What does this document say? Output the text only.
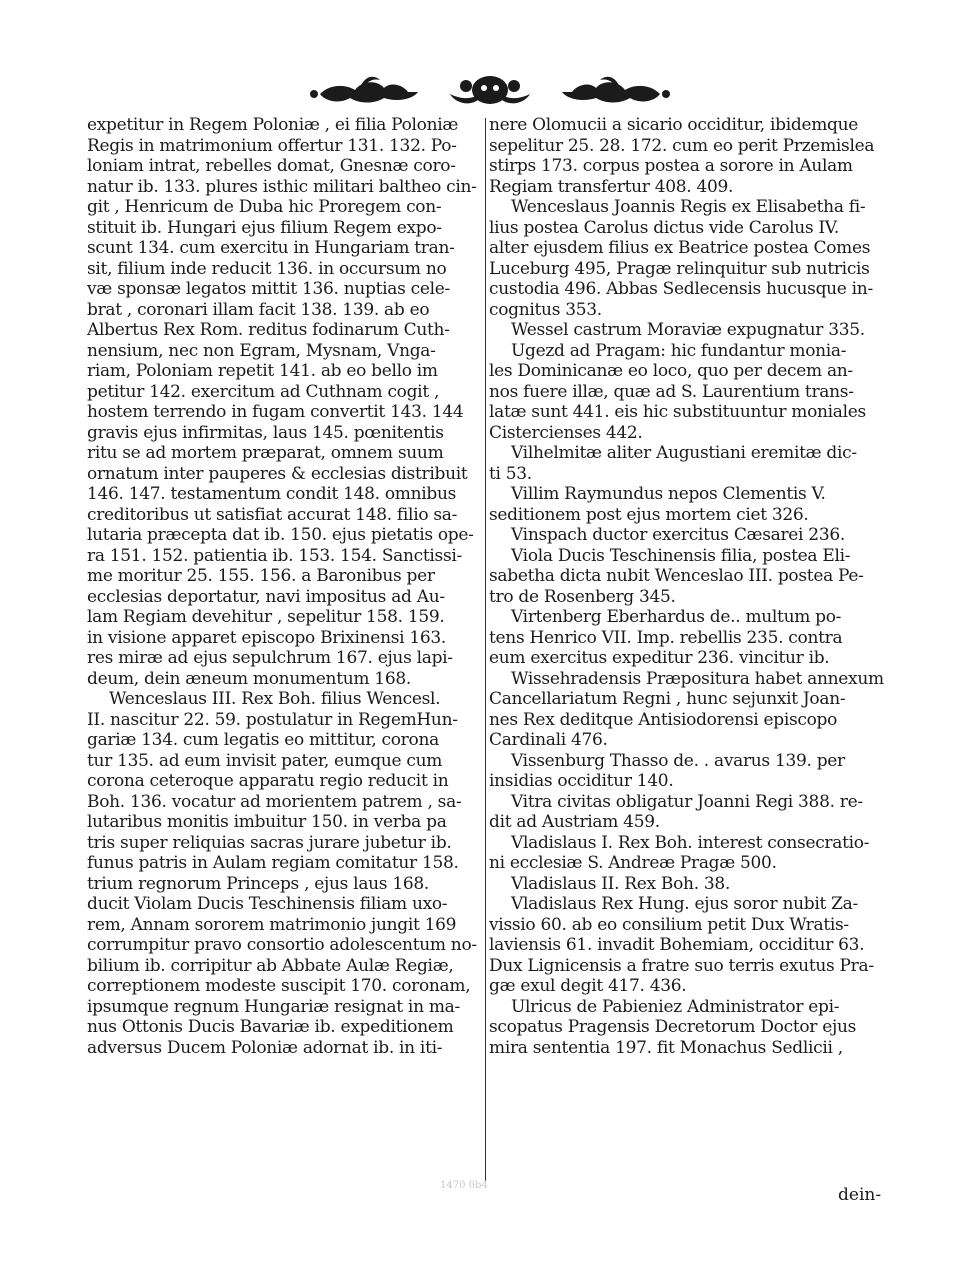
expetitur in Regem Poloniæ , ei filia Poloniæ
Regis in matrimonium offertur 131. 132. Po-
loniam intrat, rebelles domat, Gnesnæ coro-
natur ib. 133. plures isthic militari baltheo cin-
git , Henricum de Duba hic Proregem con-
stituit ib. Hungari ejus filium Regem expo-
scunt 134. cum exercitu in Hungariam tran-
sit, filium inde reducit 136. in occursum no
væ sponsæ legatos mittit 136. nuptias cele-
brat , coronari illam facit 138. 139. ab eo
Albertus Rex Rom. reditus fodinarum Cuth-
nensium, nec non Egram, Mysnam, Vnga-
riam, Poloniam repetit 141. ab eo bello im
petitur 142. exercitum ad Cuthnam cogit ,
hostem terrendo in fugam convertit 143. 144
gravis ejus infirmitas, laus 145. pœnitentis
ritu se ad mortem præparat, omnem suum
ornatum inter pauperes & ecclesias distribuit
146. 147. testamentum condit 148. omnibus
creditoribus ut satisfiat accurat 148. filio sa-
lutaria præcepta dat ib. 150. ejus pietatis ope-
ra 151. 152. patientia ib. 153. 154. Sanctissi-
me moritur 25. 155. 156. a Baronibus per
ecclesias deportatur, navi impositus ad Au-
lam Regiam devehitur , sepelitur 158. 159.
in visione apparet episcopo Brixinensi 163.
res miræ ad ejus sepulchrum 167. ejus lapi-
deum, dein æneum monumentum 168.
Wenceslaus III. Rex Boh. filius Wencesl.
II. nascitur 22. 59. postulatur in RegemHun-
gariæ 134. cum legatis eo mittitur, corona
tur 135. ad eum invisit pater, eumque cum
corona ceteroque apparatu regio reducit in
Boh. 136. vocatur ad morientem patrem , sa-
lutaribus monitis imbuitur 150. in verba pa
tris super reliquias sacras jurare jubetur ib.
funus patris in Aulam regiam comitatur 158.
trium regnorum Princeps , ejus laus 168.
ducit Violam Ducis Teschinensis filiam uxo-
rem, Annam sororem matrimonio jungit 169
corrumpitur pravo consortio adolescentum no-
bilium ib. corripitur ab Abbate Aulæ Regiæ,
correptionem modeste suscipit 170. coronam,
ipsumque regnum Hungariæ resignat in ma-
nus Ottonis Ducis Bavariæ ib. expeditionem
adversus Ducem Poloniæ adornat ib. in iti-
nere Olomucii a sicario occiditur, ibidemque
sepelitur 25. 28. 172. cum eo perit Przemislea
stirps 173. corpus postea a sorore in Aulam
Regiam transfertur 408. 409.
Wenceslaus Joannis Regis ex Elisabetha fi-
lius postea Carolus dictus vide Carolus IV.
alter ejusdem filius ex Beatrice postea Comes
Luceburg 495, Pragæ relinquitur sub nutricis
custodia 496. Abbas Sedlecensis hucusque in-
cognitus 353.
Wessel castrum Moraviæ expugnatur 335.
Ugezd ad Pragam: hic fundantur monia-
les Dominicanæ eo loco, quo per decem an-
nos fuere illæ, quæ ad S. Laurentium trans-
latæ sunt 441. eis hic substituuntur moniales
Cistercienses 442.
Vilhelmitæ aliter Augustiani eremitæ dic-
ti 53.
Villim Raymundus nepos Clementis V.
seditionem post ejus mortem ciet 326.
Vinspach ductor exercitus Cæsarei 236.
Viola Ducis Teschinensis filia, postea Eli-
sabetha dicta nubit Wenceslao III. postea Pe-
tro de Rosenberg 345.
Virtenberg Eberhardus de.. multum po-
tens Henrico VII. Imp. rebellis 235. contra
eum exercitus expeditur 236. vincitur ib.
Wissehradensis Præpositura habet annexum
Cancellariatum Regni , hunc sejunxit Joan-
nes Rex deditque Antisiodorensi episcopo
Cardinali 476.
Vissenburg Thasso de. . avarus 139. per
insidias occiditur 140.
Vitra civitas obligatur Joanni Regi 388. re-
dit ad Austriam 459.
Vladislaus I. Rex Boh. interest consecratio-
ni ecclesiæ S. Andreæ Pragæ 500.
Vladislaus II. Rex Boh. 38.
Vladislaus Rex Hung. ejus soror nubit Za-
vissio 60. ab eo consilium petit Dux Wratis-
laviensis 61. invadit Bohemiam, occiditur 63.
Dux Lignicensis a fratre suo terris exutus Pra-
gæ exul degit 417. 436.
Ulricus de Pabieniez Administrator epi-
scopatus Pragensis Decretorum Doctor ejus
mira sententia 197. fit Monachus Sedlicii ,
dein-
1470 0b4
